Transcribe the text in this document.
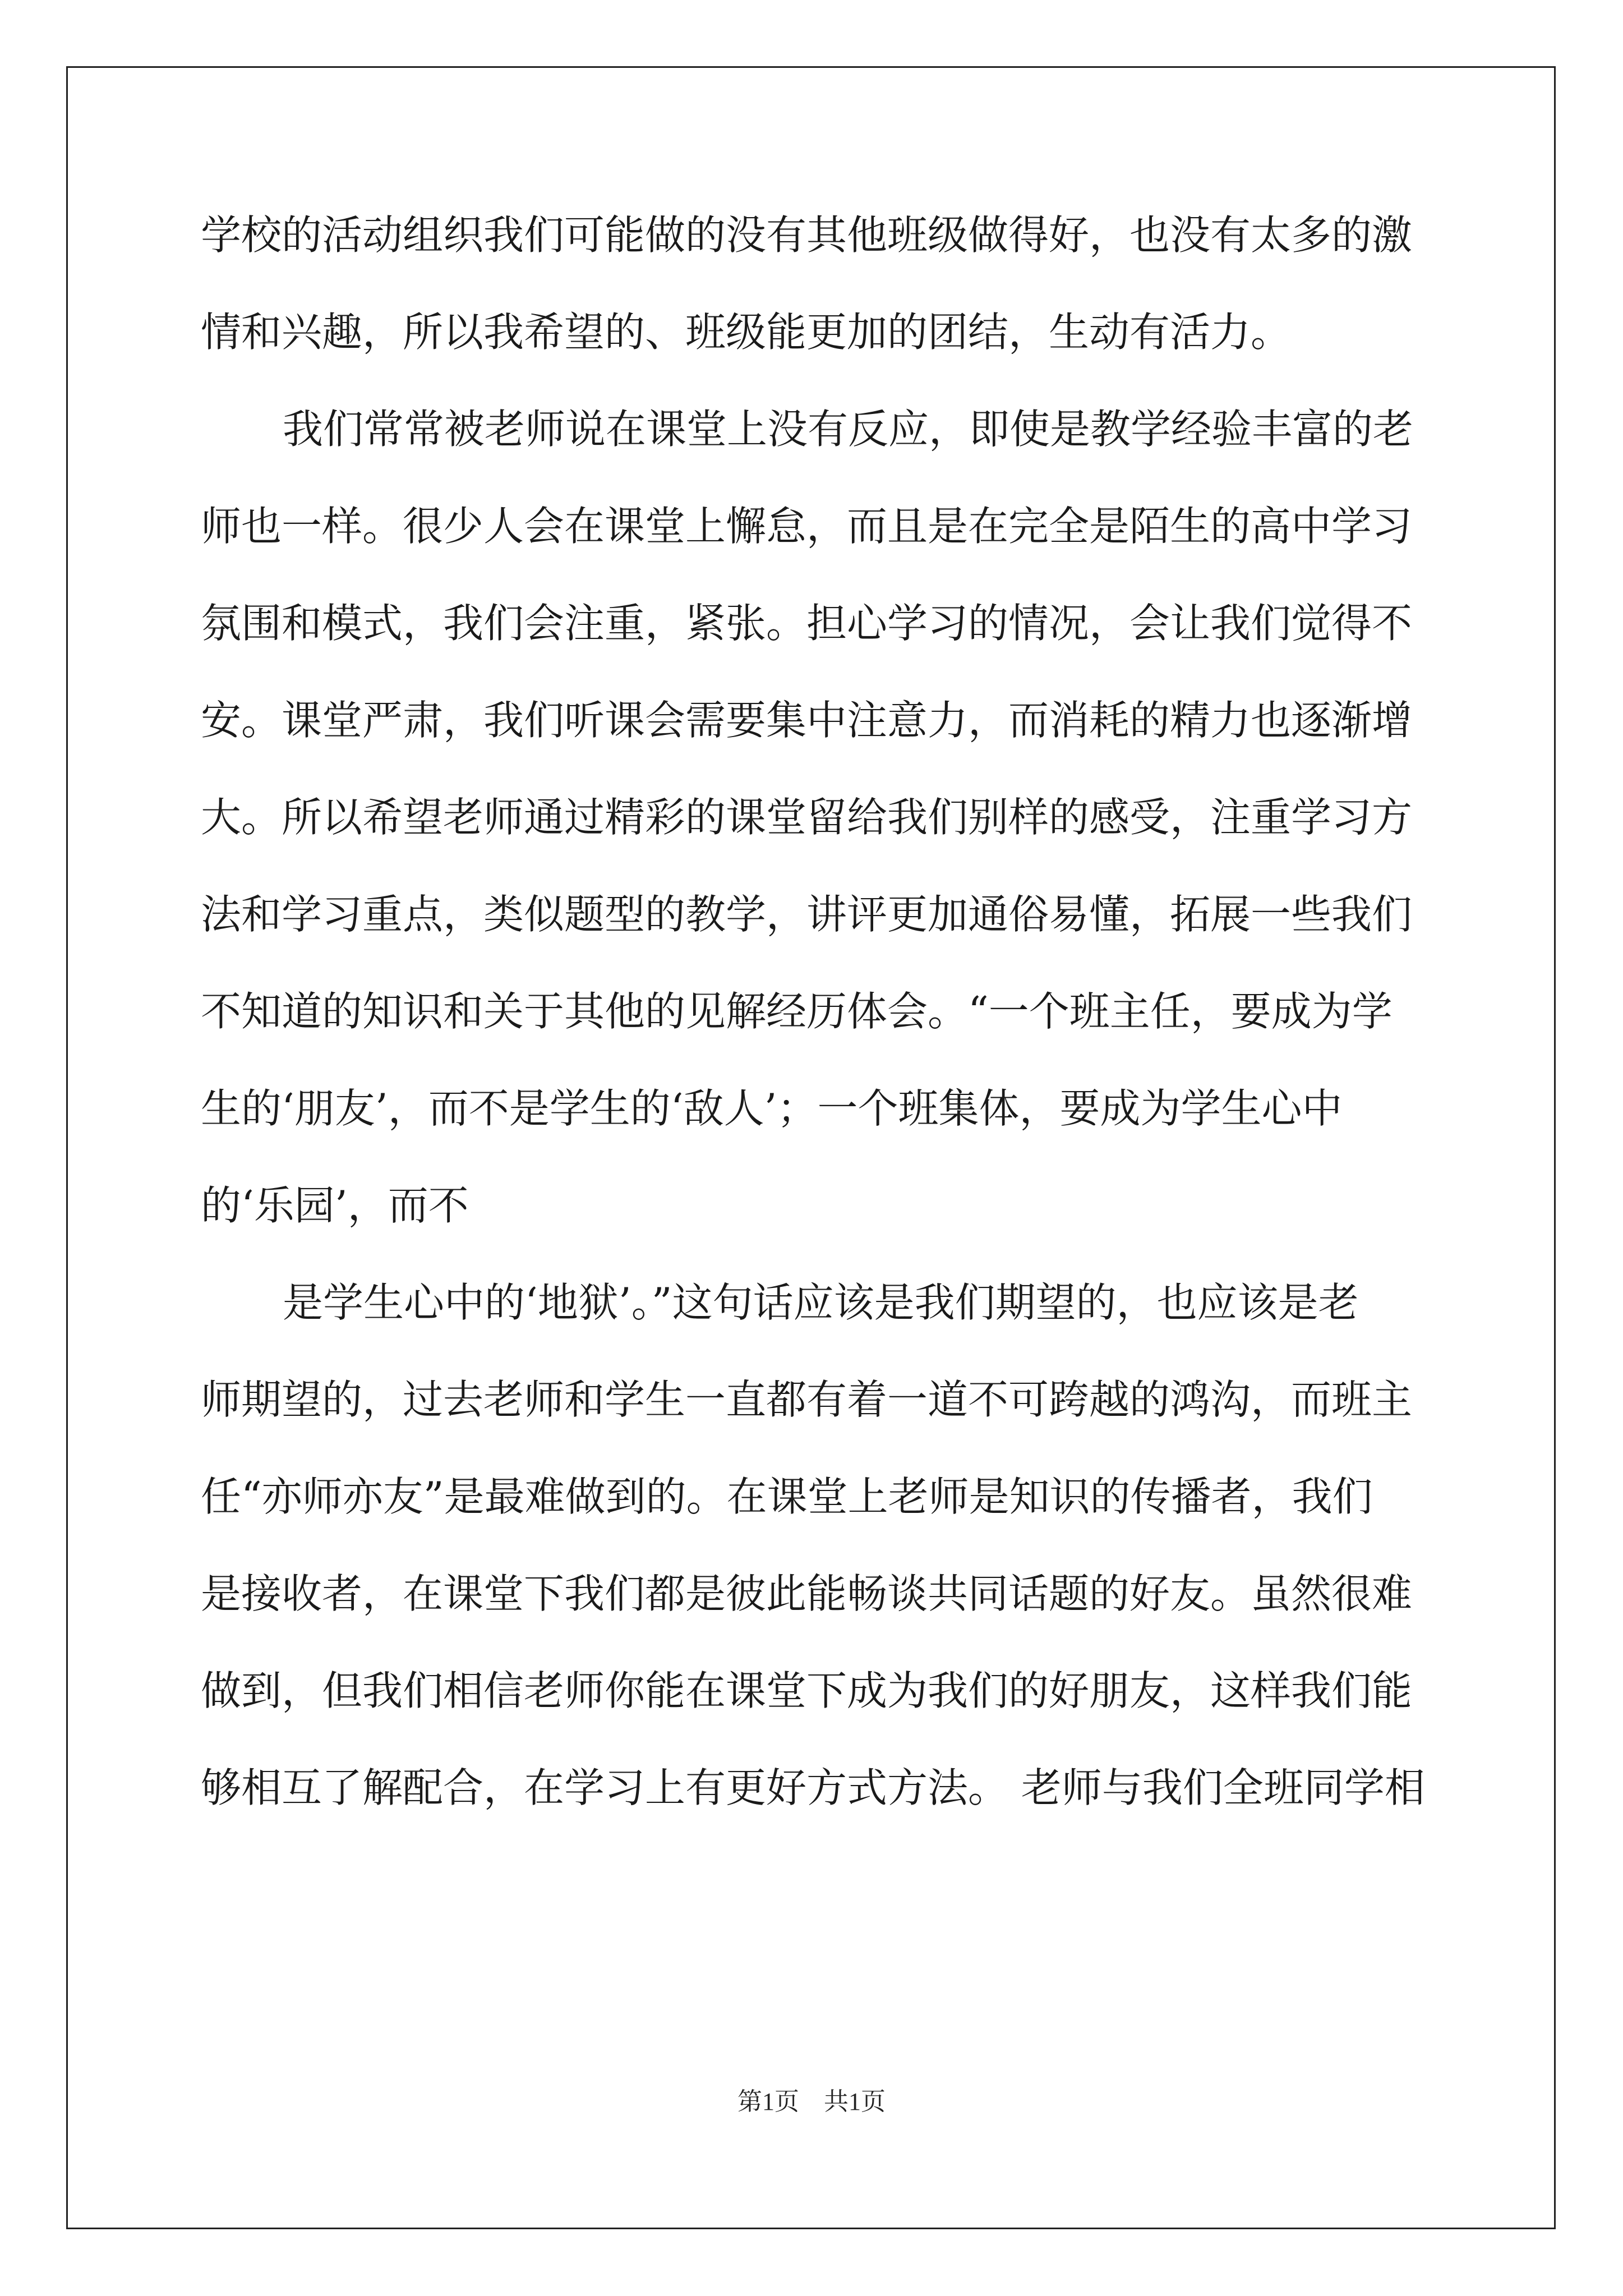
学校的活动组织我们可能做的没有其他班级做得好，也没有太多的激
情和兴趣，所以我希望的、班级能更加的团结，生动有活力。
我们常常被老师说在课堂上没有反应，即使是教学经验丰富的老
师也一样。很少人会在课堂上懈怠，而且是在完全是陌生的高中学习
氛围和模式，我们会注重，紧张。担心学习的情况，会让我们觉得不
安。课堂严肃，我们听课会需要集中注意力，而消耗的精力也逐渐增
大。所以希望老师通过精彩的课堂留给我们别样的感受，注重学习方
法和学习重点，类似题型的教学，讲评更加通俗易懂，拓展一些我们
不知道的知识和关于其他的见解经历体会。“一个班主任，要成为学
生的‘朋友’，而不是学生的‘敌人’；一个班集体，要成为学生心中
的‘乐园’，而不
是学生心中的‘地狱’。”这句话应该是我们期望的，也应该是老
师期望的，过去老师和学生一直都有着一道不可跨越的鸿沟，而班主
任“亦师亦友”是最难做到的。在课堂上老师是知识的传播者，我们
是接收者，在课堂下我们都是彼此能畅谈共同话题的好友。虽然很难
做到，但我们相信老师你能在课堂下成为我们的好朋友，这样我们能
够相互了解配合，在学习上有更好方式方法。 老师与我们全班同学相
第1页　共1页
